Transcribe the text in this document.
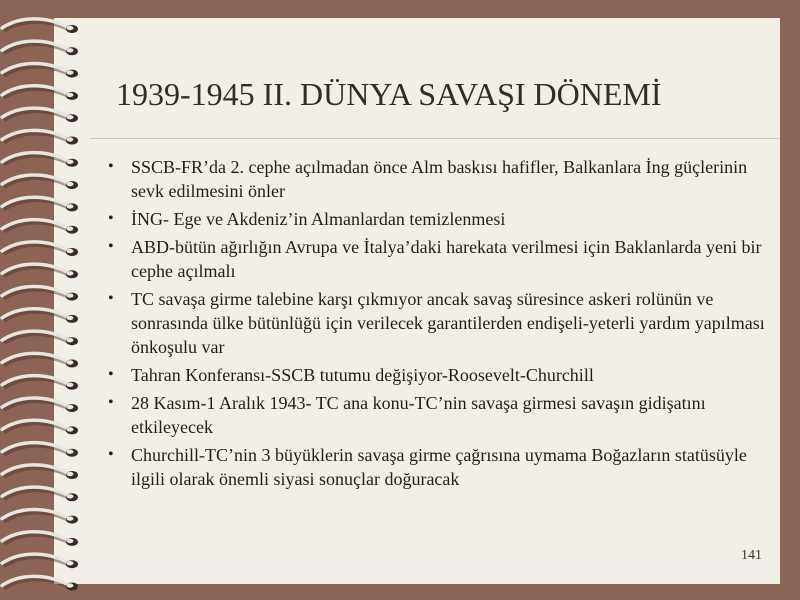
1939-1945 II. DÜNYA SAVAŞI DÖNEMİ
• SSCB-FR’da 2. cephe açılmadan önce Alm baskısı hafifler, Balkanlara İng güçlerinin sevk edilmesini önler
• İNG- Ege ve Akdeniz’in Almanlardan temizlenmesi
• ABD-bütün ağırlığın Avrupa ve İtalya’daki harekata verilmesi için Baklanlarda yeni bir cephe açılmalı
• TC savaşa girme talebine karşı çıkmıyor ancak savaş süresince askeri rolünün ve sonrasında ülke bütünlüğü için verilecek garantilerden endişeli-yeterli yardım yapılması önkoşulu var
• Tahran Konferansı-SSCB tutumu değişiyor-Roosevelt-Churchill
• 28 Kasım-1 Aralık 1943- TC ana konu-TC’nin savaşa girmesi savaşın gidişatını etkileyecek
• Churchill-TC’nin 3 büyüklerin savaşa girme çağrısına uymama Boğazların statüsüyle ilgili olarak önemli siyasi sonuçlar doğuracak
141
